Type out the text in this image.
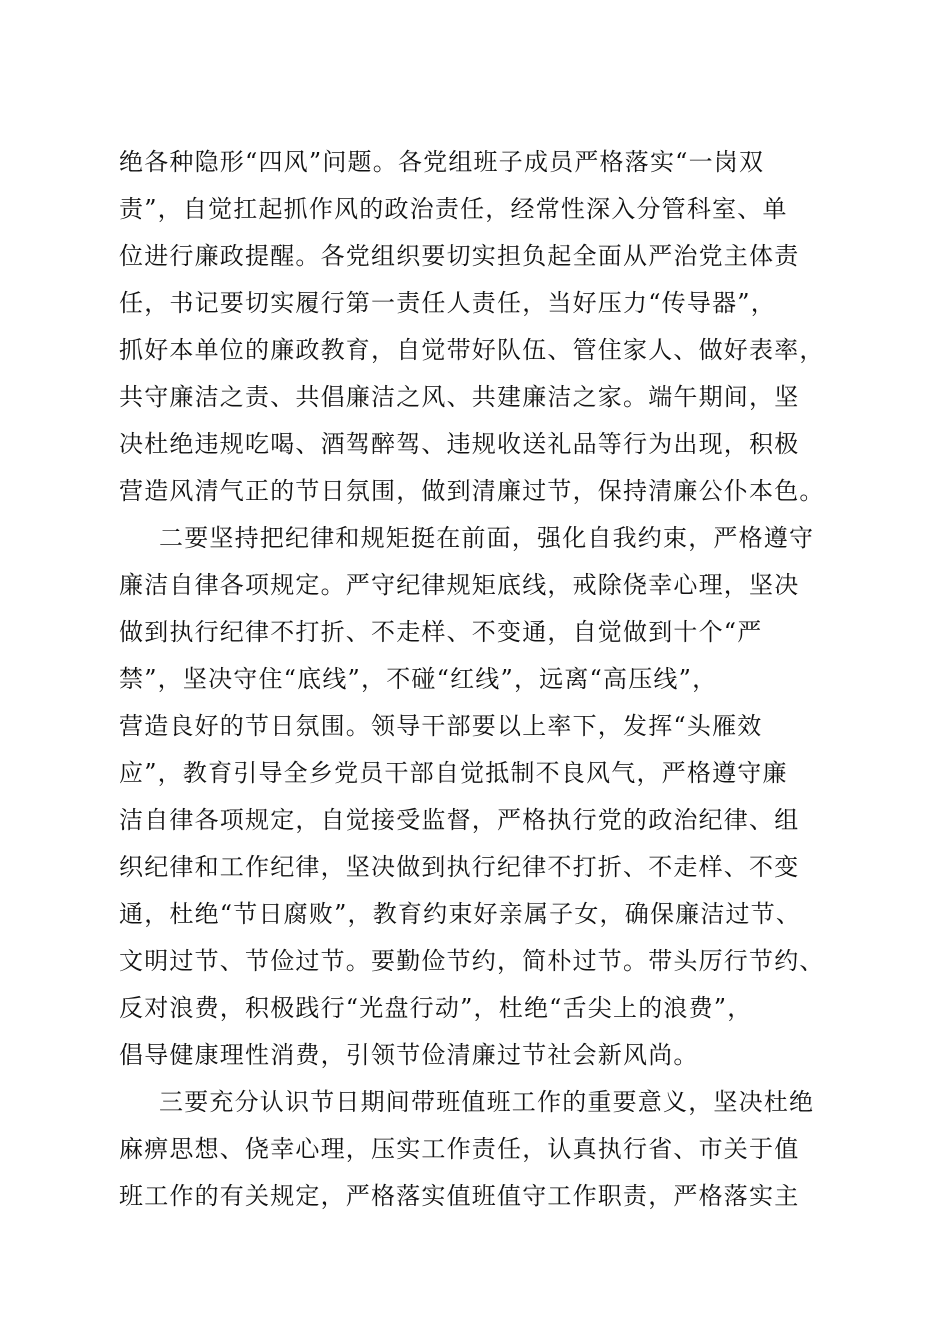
绝各种隐形“四风”问题。各党组班子成员严格落实“一岗双
责”，自觉扛起抓作风的政治责任，经常性深入分管科室、单
位进行廉政提醒。各党组织要切实担负起全面从严治党主体责
任，书记要切实履行第一责任人责任，当好压力“传导器”，
抓好本单位的廉政教育，自觉带好队伍、管住家人、做好表率，
共守廉洁之责、共倡廉洁之风、共建廉洁之家。端午期间，坚
决杜绝违规吃喝、酒驾醉驾、违规收送礼品等行为出现，积极
营造风清气正的节日氛围，做到清廉过节，保持清廉公仆本色。
二要坚持把纪律和规矩挺在前面，强化自我约束，严格遵守
廉洁自律各项规定。严守纪律规矩底线，戒除侥幸心理，坚决
做到执行纪律不打折、不走样、不变通，自觉做到十个“严
禁”，坚决守住“底线”，不碰“红线”，远离“高压线”，
营造良好的节日氛围。领导干部要以上率下，发挥“头雁效
应”，教育引导全乡党员干部自觉抵制不良风气，严格遵守廉
洁自律各项规定，自觉接受监督，严格执行党的政治纪律、组
织纪律和工作纪律，坚决做到执行纪律不打折、不走样、不变
通，杜绝“节日腐败”，教育约束好亲属子女，确保廉洁过节、
文明过节、节俭过节。要勤俭节约，简朴过节。带头厉行节约、
反对浪费，积极践行“光盘行动”，杜绝“舌尖上的浪费”，
倡导健康理性消费，引领节俭清廉过节社会新风尚。
三要充分认识节日期间带班值班工作的重要意义，坚决杜绝
麻痹思想、侥幸心理，压实工作责任，认真执行省、市关于值
班工作的有关规定，严格落实值班值守工作职责，严格落实主
